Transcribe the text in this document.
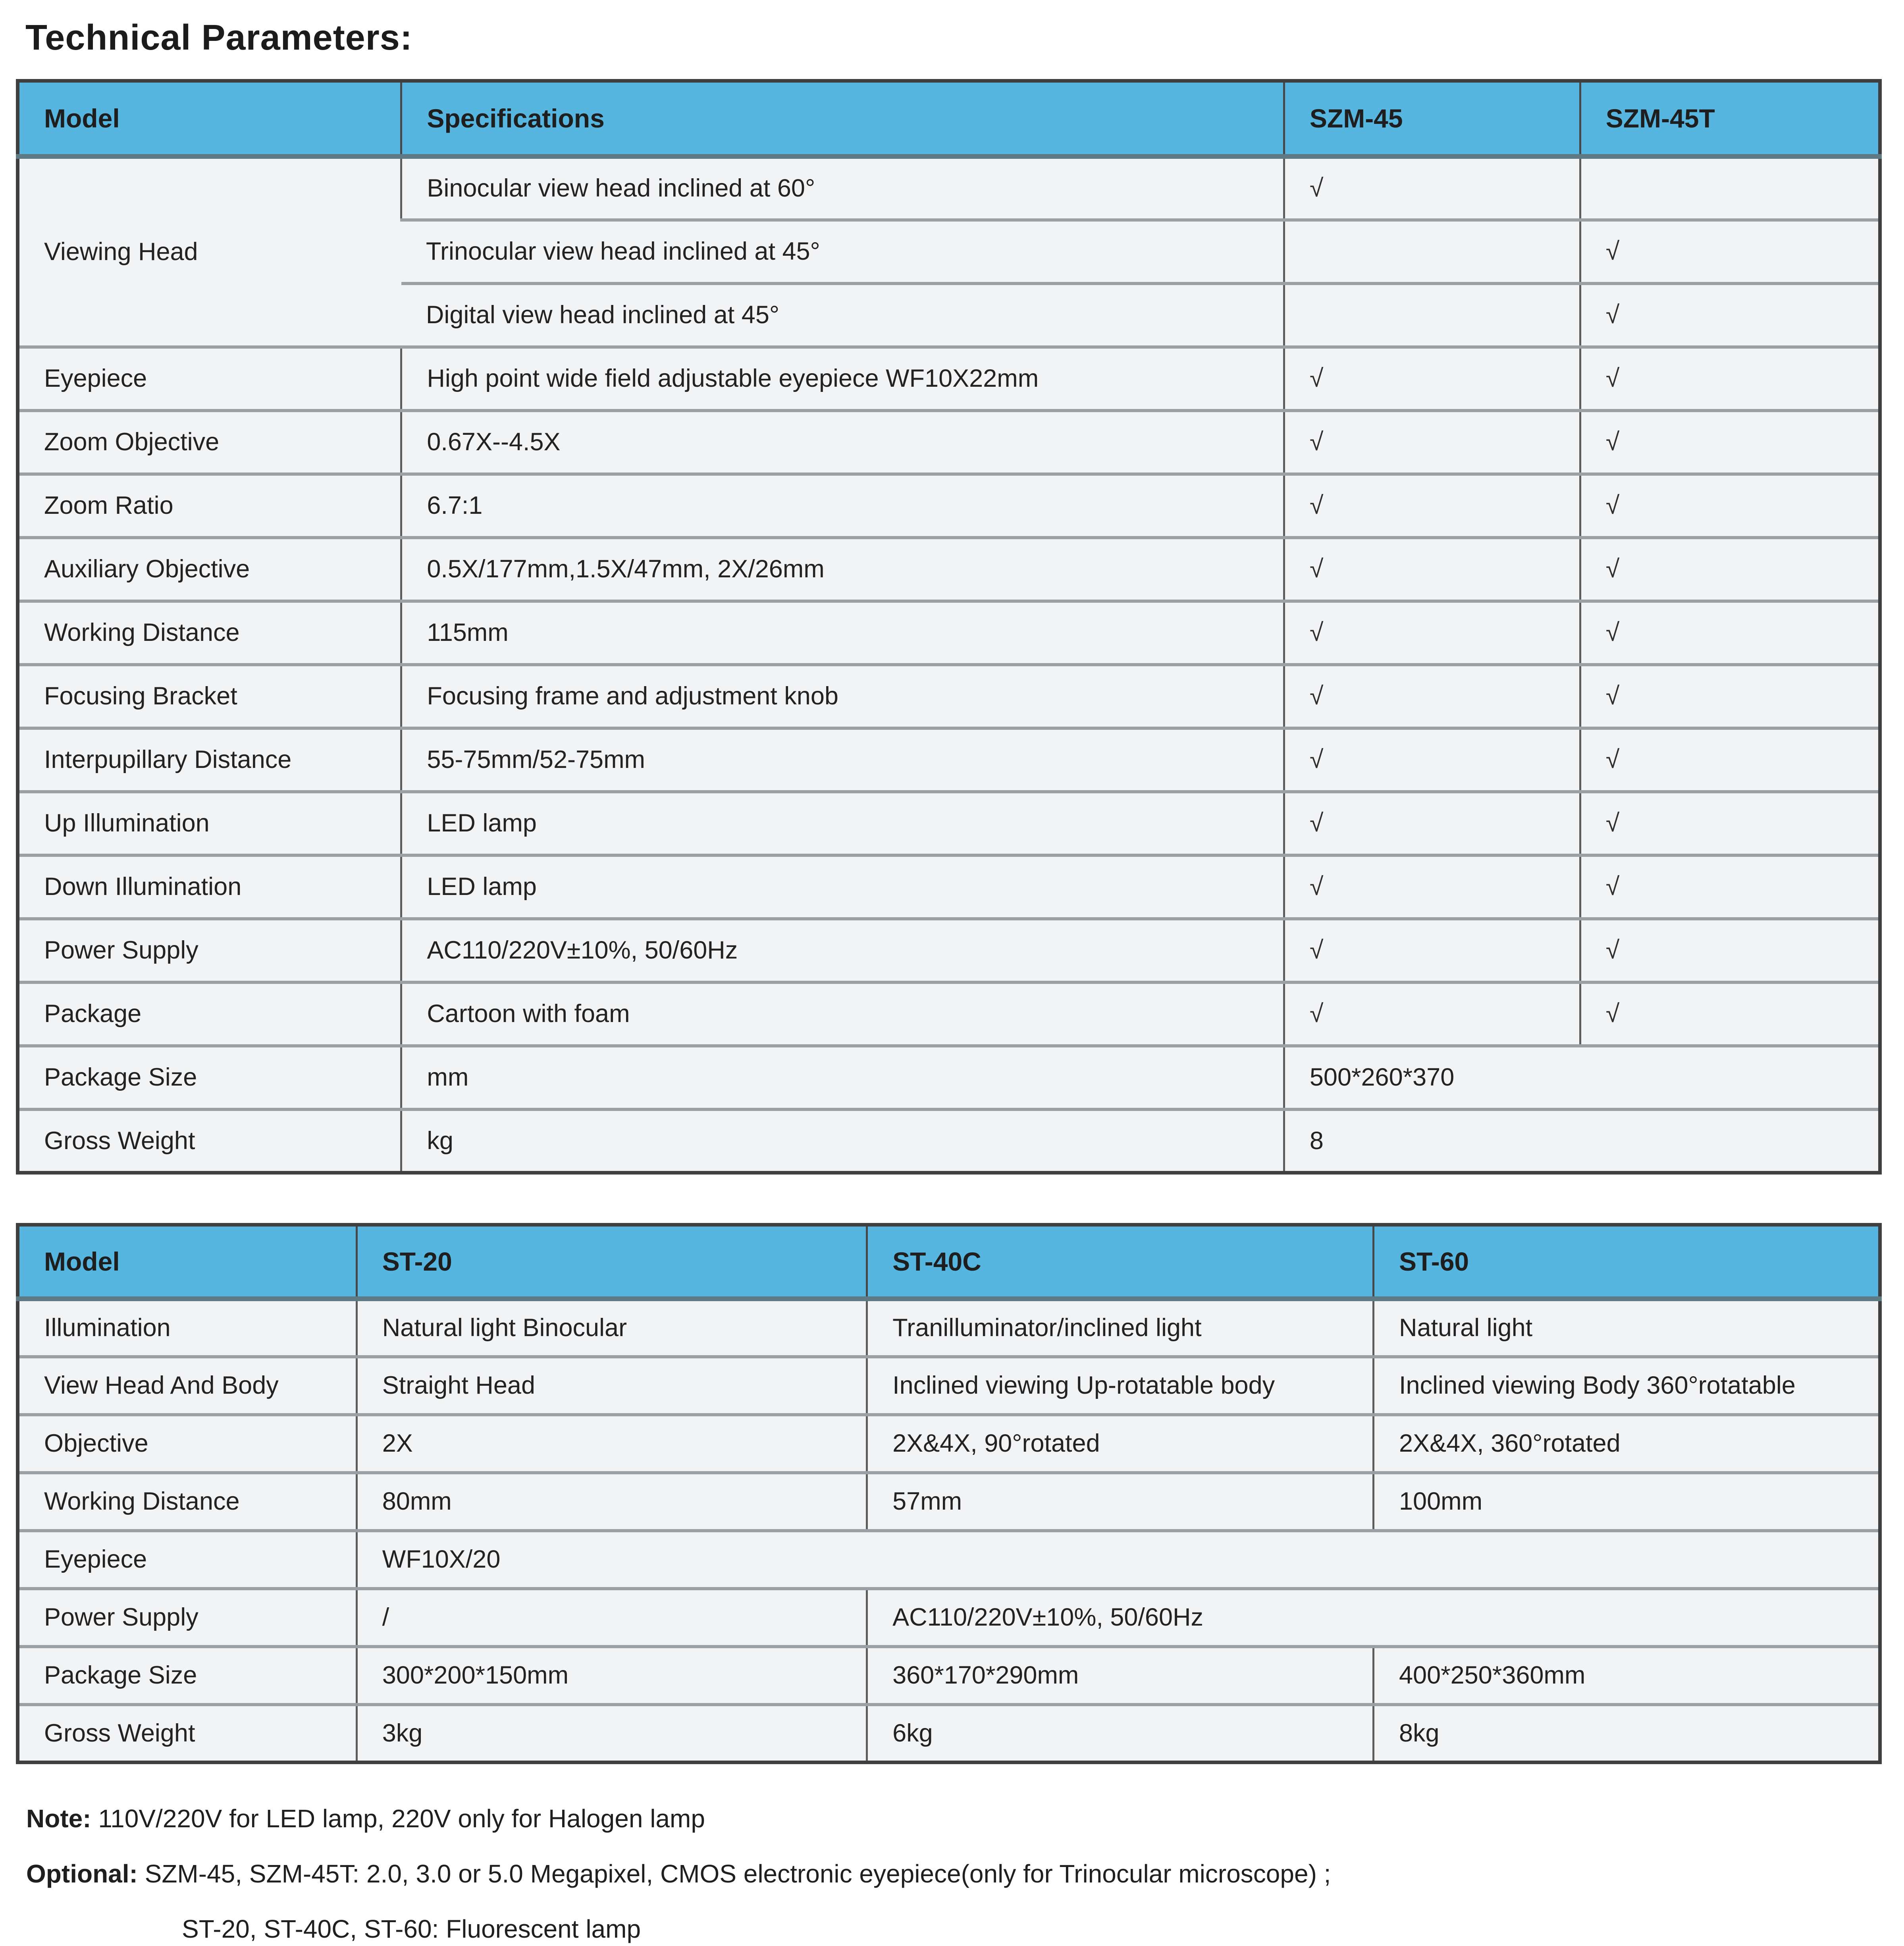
Technical Parameters:
Model	Specifications	SZM-45	SZM-45T
Viewing Head	Binocular view head inclined at 60°	√	
	Trinocular view head inclined at 45°		√
	Digital view head inclined at 45°		√
Eyepiece	High point wide field adjustable eyepiece WF10X22mm	√	√
Zoom Objective	0.67X--4.5X	√	√
Zoom Ratio	6.7:1	√	√
Auxiliary Objective	0.5X/177mm,1.5X/47mm, 2X/26mm	√	√
Working Distance	115mm	√	√
Focusing Bracket	Focusing frame and adjustment knob	√	√
Interpupillary Distance	55-75mm/52-75mm	√	√
Up Illumination	LED lamp	√	√
Down Illumination	LED lamp	√	√
Power Supply	AC110/220V±10%, 50/60Hz	√	√
Package	Cartoon with foam	√	√
Package Size	mm	500*260*370	
Gross Weight	kg	8	
Model	ST-20	ST-40C	ST-60
Illumination	Natural light Binocular	Tranilluminator/inclined light	Natural light
View Head And Body	Straight Head	Inclined viewing Up-rotatable body	Inclined viewing Body 360°rotatable
Objective	2X	2X&4X, 90°rotated	2X&4X, 360°rotated
Working Distance	80mm	57mm	100mm
Eyepiece	WF10X/20		
Power Supply	/	AC110/220V±10%, 50/60Hz	
Package Size	300*200*150mm	360*170*290mm	400*250*360mm
Gross Weight	3kg	6kg	8kg

Note: 110V/220V for LED lamp, 220V only for Halogen lamp

Optional: SZM-45, SZM-45T: 2.0, 3.0 or 5.0 Megapixel, CMOS electronic eyepiece(only for Trinocular microscope) ;

ST-20, ST-40C, ST-60: Fluorescent lamp
